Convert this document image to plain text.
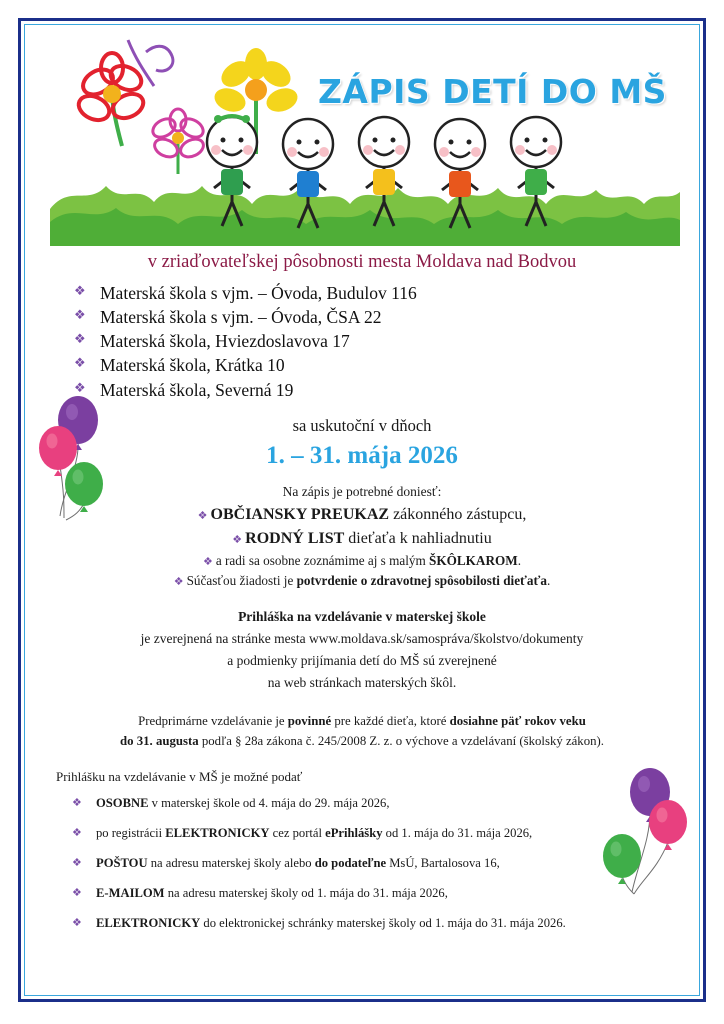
ZÁPIS DETÍ DO MŠ
v zriaďovateľskej pôsobnosti mesta Moldava nad Bodvou
❖ Materská škola s vjm. – Óvoda, Budulov 116
❖ Materská škola s vjm. – Óvoda, ČSA 22
❖ Materská škola, Hviezdoslavova 17
❖ Materská škola, Krátka 10
❖ Materská škola, Severná 19
sa uskutoční v dňoch
1. – 31. mája 2026
Na zápis je potrebné doniesť:
❖ OBČIANSKY PREUKAZ zákonného zástupcu,
❖ RODNÝ LIST dieťaťa k nahliadnutiu
❖ a radi sa osobne zoznámime aj s malým ŠKÔLKAROM.
❖ Súčasťou žiadosti je potvrdenie o zdravotnej spôsobilosti dieťaťa.
Prihláška na vzdelávanie v materskej škole
je zverejnená na stránke mesta www.moldava.sk/samospráva/školstvo/dokumenty
a podmienky prijímania detí do MŠ sú zverejnené
na web stránkach materských škôl.
Predprimárne vzdelávanie je povinné pre každé dieťa, ktoré dosiahne päť rokov veku
do 31. augusta podľa § 28a zákona č. 245/2008 Z. z. o výchove a vzdelávaní (školský zákon).
Prihlášku na vzdelávanie v MŠ je možné podať
❖ OSOBNE v materskej škole od 4. mája do 29. mája 2026,
❖ po registrácii ELEKTRONICKY cez portál ePrihlášky od 1. mája do 31. mája 2026,
❖ POŠTOU na adresu materskej školy alebo do podateľne MsÚ, Bartalosova 16,
❖ E-MAILOM na adresu materskej školy od 1. mája do 31. mája 2026,
❖ ELEKTRONICKY do elektronickej schránky materskej školy od 1. mája do 31. mája 2026.
